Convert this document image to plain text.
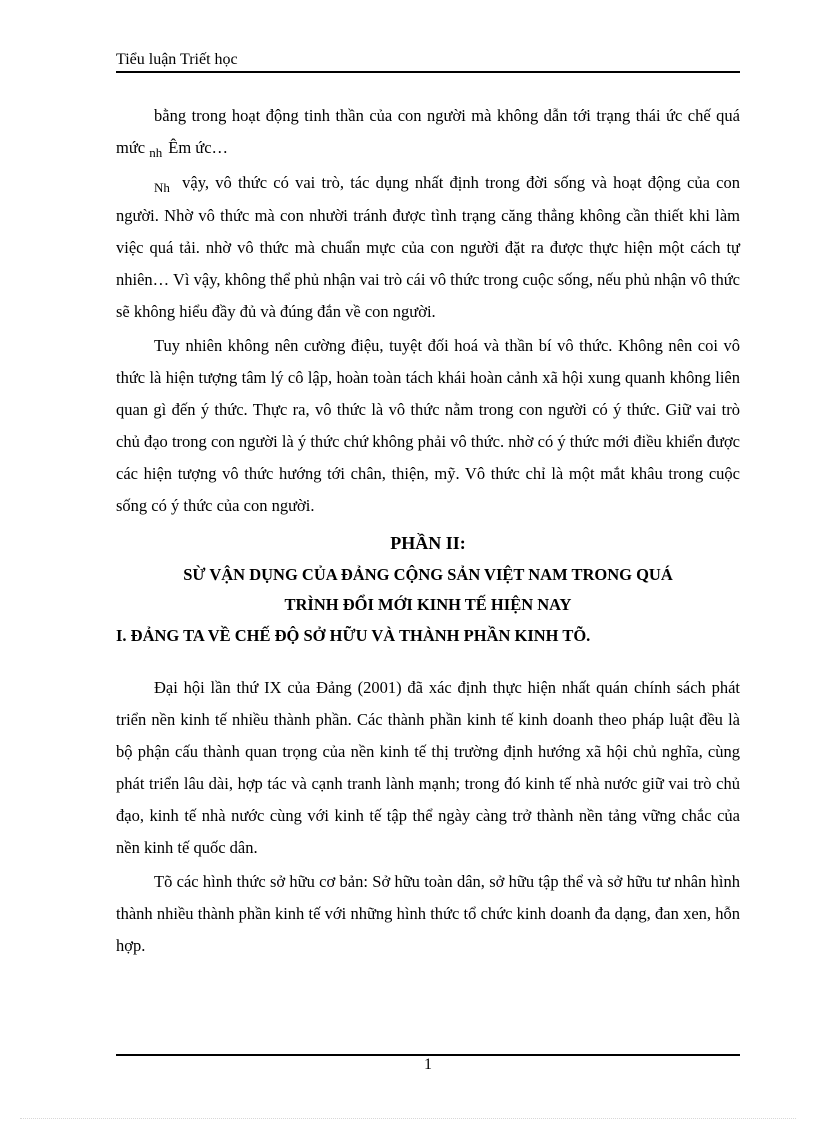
Tiểu luận Triết học

bằng trong hoạt động tinh thần của con người mà không dẫn tới trạng thái ức chế quá mức $_{nh}$ Êm ức…

$_{Nh}$ vậy, vô thức có vai trò, tác dụng nhất định trong đời sống và hoạt động của con người. Nhờ vô thức mà con nhười tránh được tình trạng căng thẳng không cần thiết khi làm việc quá tải. nhờ vô thức mà chuẩn mực của con người đặt ra được thực hiện một cách tự nhiên… Vì vậy, không thể phủ nhận vai trò cái vô thức trong cuộc sống, nếu phủ nhận vô thức sẽ không hiểu đầy đủ và đúng đắn về con người.

Tuy nhiên không nên cường điệu, tuyệt đối hoá và thần bí vô thức. Không nên coi vô thức là hiện tượng tâm lý cô lập, hoàn toàn tách khái hoàn cảnh xã hội xung quanh không liên quan gì đến ý thức. Thực ra, vô thức là vô thức nằm trong con người có ý thức. Giữ vai trò chủ đạo trong con người là ý thức chứ không phải vô thức. nhờ có ý thức mới điều khiển được các hiện tượng vô thức hướng tới chân, thiện, mỹ. Vô thức chỉ là một mắt khâu trong cuộc sống có ý thức của con người.

PHẦN II:
SỪ VẬN DỤNG CỦA ĐẢNG CỘNG SẢN VIỆT NAM TRONG QUÁ
TRÌNH ĐỔI MỚI KINH TẾ HIỆN NAY
I. ĐẢNG TA VỀ CHẾ ĐỘ SỞ HỮU VÀ THÀNH PHẦN KINH TÕ.

Đại hội lần thứ IX của Đảng (2001) đã xác định thực hiện nhất quán chính sách phát triển nền kinh tế nhiều thành phần. Các thành phần kinh tế kinh doanh theo pháp luật đều là bộ phận cấu thành quan trọng của nền kinh tế thị trường định hướng xã hội chủ nghĩa, cùng phát triển lâu dài, hợp tác và cạnh tranh lành mạnh; trong đó kinh tế nhà nước giữ vai trò chủ đạo, kinh tế nhà nước cùng với kinh tế tập thể ngày càng trở thành nền tảng vững chắc của nền kinh tế quốc dân.

Tõ các hình thức sở hữu cơ bản: Sở hữu toàn dân, sở hữu tập thể và sở hữu tư nhân hình thành nhiều thành phần kinh tế với những hình thức tổ chức kinh doanh đa dạng, đan xen, hỗn hợp.

1
